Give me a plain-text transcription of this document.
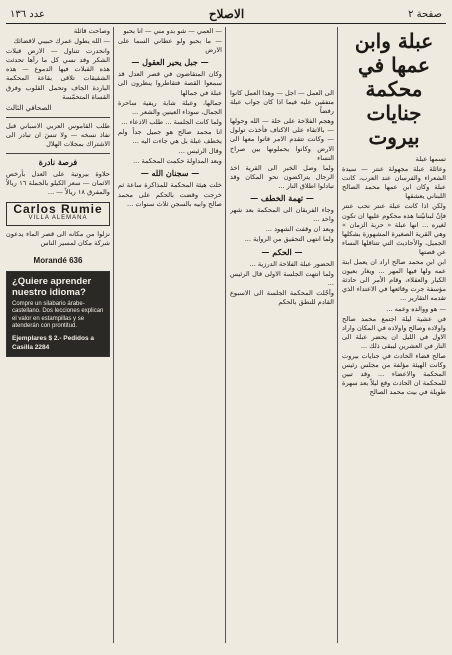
صفحة ٢
الاصلاح
عدد ١٣٦
عبلة وابن عمها في محكمة جنايات بيروت

تسمها عبلة

وعائلة عبلة مجهولة عنتر — سيدة الشعراء والفرسان عند العرب، كانت عبلة وكان ابن عمها محمد الصالح اللبناني يعشقها

ولكن اذا كانت عبلة عنتر تحب عنتر فإنّ لبنانيّتنا هذه محكوم عليها ان تكون لغيره ... انها عبلة « حربة الزمان » وهي القرية الصغيرة المشهورة بشكلها الجميل، والأحاديث التي تتناقلها النساء عن قصتها

ابن ابن محمد صالح اراد ان يعمل ابنة عمه ولها فيها المهر ... ويغار بعيون الكبار والعقلاء، وقام الأمر الى حادثة مؤسفة جرت وقائعها في الاعتداء الذي تقدمه التقارير ...

— هو ووالده وعمه ...

في عشية ليلة اجتمع محمد صالح واولاده وصالح واولاده في المكان واراد الاول في الليل ان يحضر عبلة الى النار في العشرين ليبقى ذلك ...

صالح قضاء الحادث في جنايات بيروت وكانت الهيئة مؤلفة من مجلس رئيس المحكمة والاعضاء ... وقد تبين للمحكمة ان الحادث وقع ليلاً بعد سهرة طويلة في بيت محمد الصالح

الى العمل — اجل — وهذا العمل كانوا متفقين عليه فيما اذا كان جواب عبلة رفضاً

وهجم الفلاحة على حلة — الله وحولها — بالاتقاء على الاكتاف فأخذت تولول — وكانت تتقدم الامر فاتوا معها الى الارض وكانوا يحملونها بين صراخ النساء

ولما وصل الخبر الى القرية اخذ الرجال يتراكضون نحو المكان وقد تبادلوا اطلاق النار ...

— تهمة الخطف —

وجاء الفريقان الى المحكمة بعد شهر واحد ...

وبعد ان وقفت الشهود ...

ولما انتهى التحقيق من الرواية ...

— الحكم —

الحضور عبلة الفلاحة الدرزية ...

ولما انتهت الجلسة الاولى قال الرئيس ...

وأجّلت المحكمة الجلسة الى الاسبوع القادم للنطق بالحكم

— العمي — شو بدو مني — انا بحبو

— ما بحبو ولو عطاني السما على الارض

— جبل يحير العقول —

وكان المتقاضون في قصر العدل قد سمعوا القصة فتقاطروا ينظرون الى عبلة في جمالها

جمالها، وعبلة شابة ريفية ساحرة الجمال، سوداء العينين والشعر ...

ولما كانت الجلسة ... طلب الادعاء ...

انا محمد صالح هو جميل جداً ولم يخطف عبلة بل هي جاءت اليه ...

وقال الرئيس ...

وبعد المداولة حكمت المحكمة ...

— سجنان الله —

خلت هيئة المحكمة للمذاكرة ساعة ثم خرجت وقضت بالحكم على محمد صالح وابيه بالسجن ثلاث سنوات ...

وصاحت قائلة

— الله يطول عمرك حبيبي لاقضائك

وانحدرت تتناول — الارض قبلات الشكر وقد نسي كل ما رآها تحدثت هذه القبلات فيها الدموع — هذه الشقيقات تلاقى بقاعة المحكمة الباردة الجاف وتحمل القلوب وفرق القساة المتحمّسة

الصحافي الثالث

طلب القاموس العربي الاسباني قبل نفاذ نسخه — ولا تنسَ ان تبادر الى الاشتراك بمجلات الهلال

فرصة نادرة

حلاوة بيروتية على العدل بأرخص الاثمان — سعر الكيلو بالجملة ١٦ ريالاً والمفرق ١٨ ريالاً — ...

Carlos Rumie
VILLA ALEMANA

نزلوا من مكانه الى قصر الماء يدعون شركة مكان لمسير الناس

Morandé 636
¿Quiere aprender nuestro idioma?
Compre un silabario árabe-castellano. Dos lecciones explican el valor en estampillas y se atenderán con prontitud.
Ejemplares $ 2.- Pedidos a Casilla 2284
